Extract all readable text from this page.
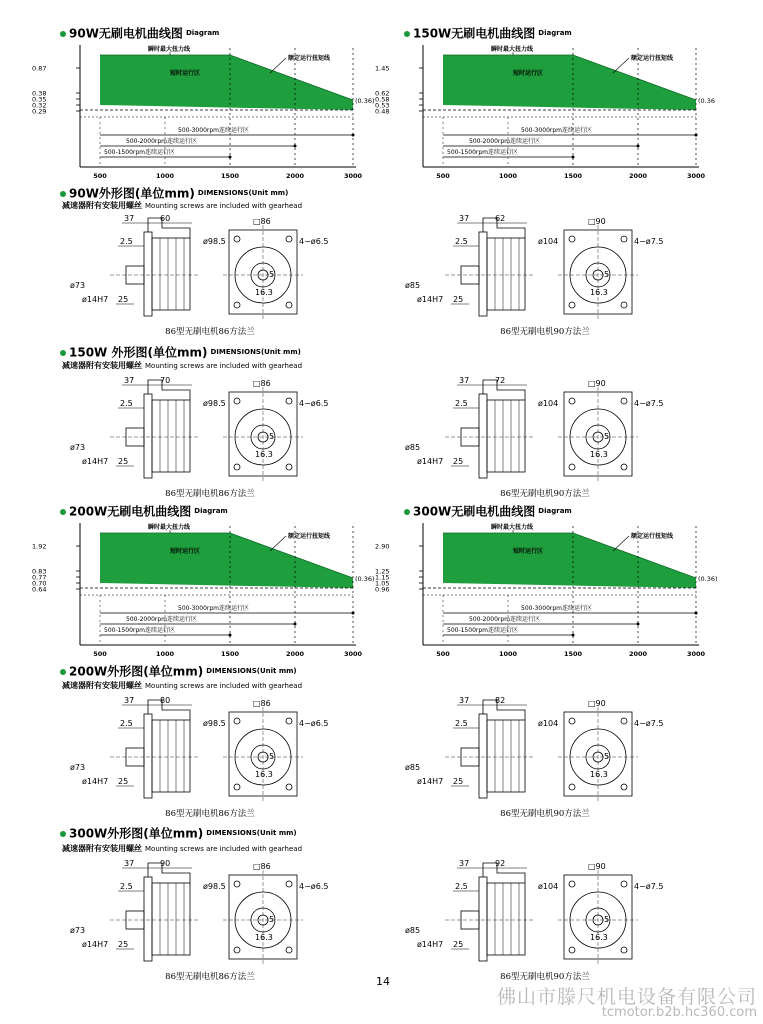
90W无刷电机曲线图 Diagram	150W无刷电机曲线图 Diagram
200W无刷电机曲线图 Diagram	300W无刷电机曲线图 Diagram
90W外形图(单位mm) DIMENSIONS(Unit mm)
150W 外形图(单位mm) DIMENSIONS(Unit mm)
200W外形图(单位mm) DIMENSIONS(Unit mm)
300W外形图(单位mm) DIMENSIONS(Unit mm)
减速器附有安装用螺丝 Mounting screws are included with gearhead
减速器附有安装用螺丝 Mounting screws are included with gearhead
减速器附有安装用螺丝 Mounting screws are included with gearhead
减速器附有安装用螺丝 Mounting screws are included with gearhead
0.87
0.38
0.35
0.32
0.29
瞬时最大扭力线
短时运行区
额定运行扭矩线
(0.36)
500-3000rpm连续运行区
500-2000rpm连续运行区
500-1500rpm连续运行区
500	1000	1500	2000	3000
1.45
0.62
0.58
0.53
0.48
瞬时最大扭力线
短时运行区
额定运行扭矩线
(0.36
500-3000rpm连续运行区
500-2000rpm连续运行区
500-1500rpm连续运行区
500	1000	1500	2000	3000
1.92
0.83
0.77
0.70
0.64
瞬时最大扭力线
短时运行区
额定运行扭矩线
(0.36)
500-3000rpm连续运行区
500-2000rpm连续运行区
500-1500rpm连续运行区
500	1000	1500	2000	3000
2.90
1.25
1.15
1.05
0.96
瞬时最大扭力线
短时运行区
额定运行扭矩线
(0.36)
500-3000rpm连续运行区
500-2000rpm连续运行区
500-1500rpm连续运行区
500	1000	1500	2000	3000
37	60
2.5
ø73
ø14H7 25
□86
ø98.5	4−ø6.5
5
16.3
86型无刷电机86方法兰
37	62
2.5
ø85
ø14H7 25
□90
ø104	4−ø7.5
5
16.3
86型无刷电机90方法兰
37	70
2.5
ø73
ø14H7 25
□86
ø98.5	4−ø6.5
5
16.3
86型无刷电机86方法兰
37	72
2.5
ø85
ø14H7 25
□90
ø104	4−ø7.5
5
16.3
86型无刷电机90方法兰
37	80
2.5
ø73
ø14H7 25
□86
ø98.5	4−ø6.5
5
16.3
86型无刷电机86方法兰
37	82
2.5
ø85
ø14H7 25
□90
ø104	4−ø7.5
5
16.3
86型无刷电机90方法兰
37	90
2.5
ø73
ø14H7 25
□86
ø98.5	4−ø6.5
5
16.3
86型无刷电机86方法兰
37	92
2.5
ø85
ø14H7 25
□90
ø104	4−ø7.5
5
16.3
86型无刷电机90方法兰
14
佛山市滕尺机电设备有限公司
tcmotor.b2b.hc360.com
